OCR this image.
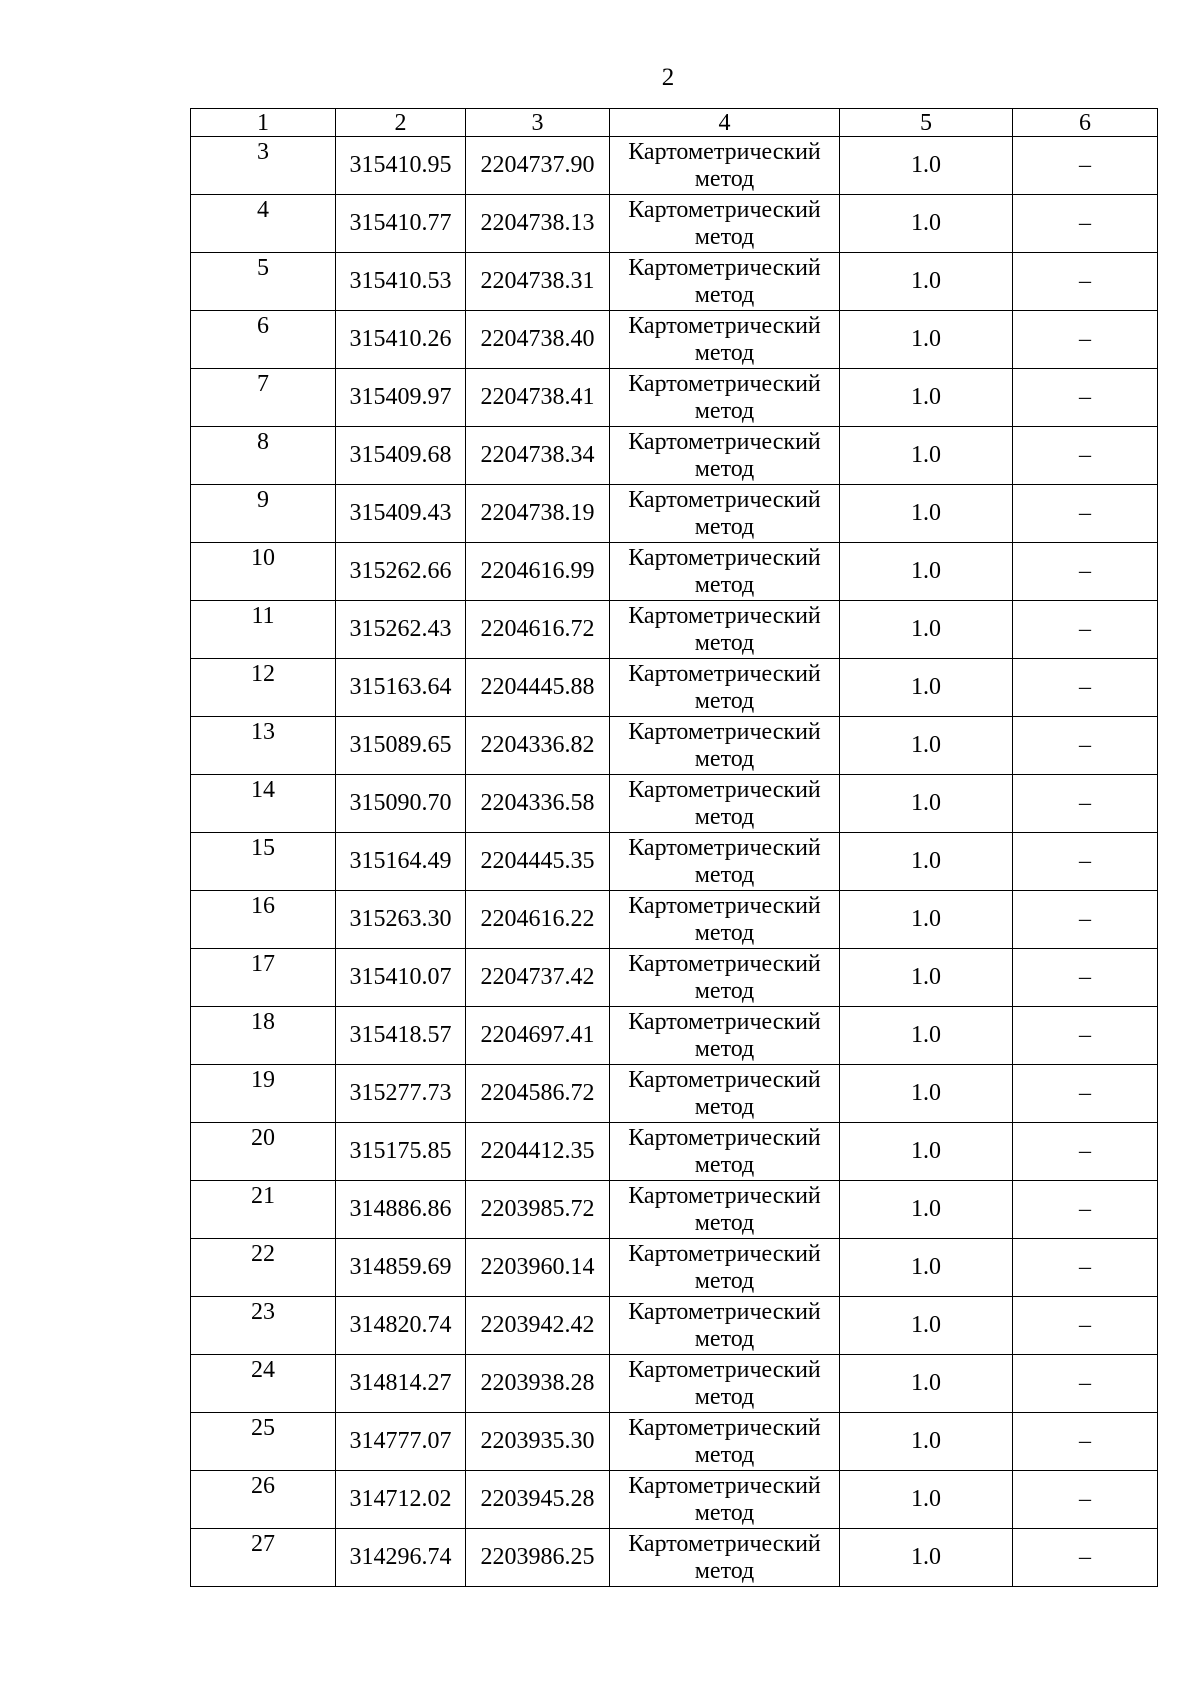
2
1	2	3	4	5	6
3	315410.95	2204737.90	Картометрический метод	1.0	–
4	315410.77	2204738.13	Картометрический метод	1.0	–
5	315410.53	2204738.31	Картометрический метод	1.0	–
6	315410.26	2204738.40	Картометрический метод	1.0	–
7	315409.97	2204738.41	Картометрический метод	1.0	–
8	315409.68	2204738.34	Картометрический метод	1.0	–
9	315409.43	2204738.19	Картометрический метод	1.0	–
10	315262.66	2204616.99	Картометрический метод	1.0	–
11	315262.43	2204616.72	Картометрический метод	1.0	–
12	315163.64	2204445.88	Картометрический метод	1.0	–
13	315089.65	2204336.82	Картометрический метод	1.0	–
14	315090.70	2204336.58	Картометрический метод	1.0	–
15	315164.49	2204445.35	Картометрический метод	1.0	–
16	315263.30	2204616.22	Картометрический метод	1.0	–
17	315410.07	2204737.42	Картометрический метод	1.0	–
18	315418.57	2204697.41	Картометрический метод	1.0	–
19	315277.73	2204586.72	Картометрический метод	1.0	–
20	315175.85	2204412.35	Картометрический метод	1.0	–
21	314886.86	2203985.72	Картометрический метод	1.0	–
22	314859.69	2203960.14	Картометрический метод	1.0	–
23	314820.74	2203942.42	Картометрический метод	1.0	–
24	314814.27	2203938.28	Картометрический метод	1.0	–
25	314777.07	2203935.30	Картометрический метод	1.0	–
26	314712.02	2203945.28	Картометрический метод	1.0	–
27	314296.74	2203986.25	Картометрический метод	1.0	–
